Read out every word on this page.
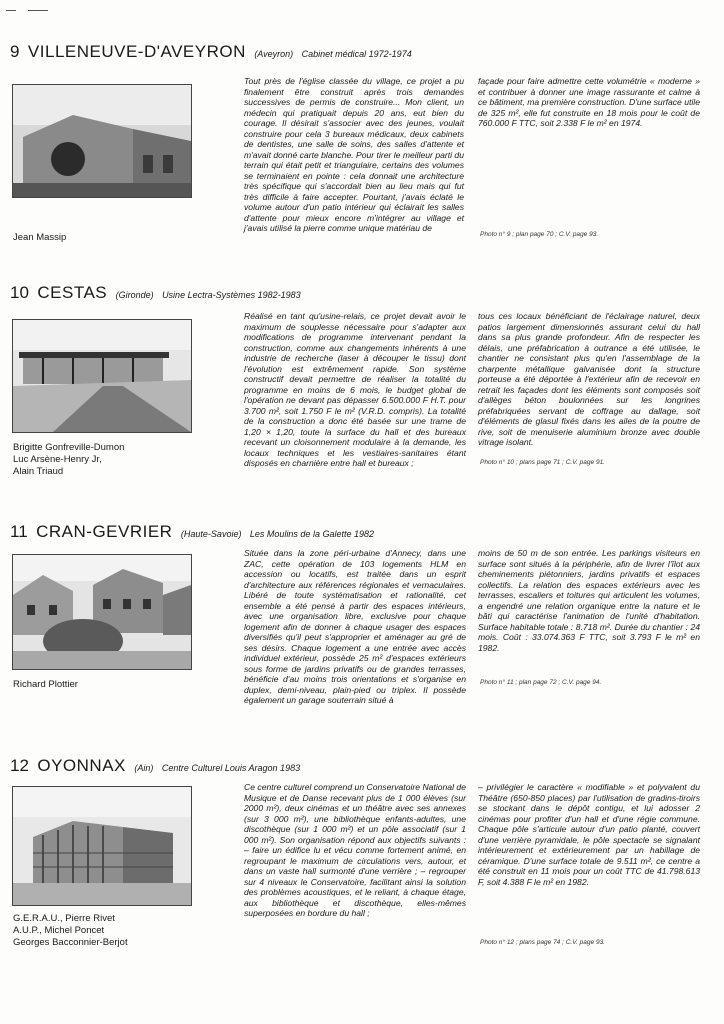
9 VILLENEUVE-D'AVEYRON (Aveyron) Cabinet médical 1972-1974
Jean Massip
Tout près de l'église classée du village, ce projet a pu finalement être construit après trois demandes successives de permis de construire... Mon client, un médecin qui pratiquait depuis 20 ans, eut bien du courage. Il désirait s'associer avec des jeunes, voulait construire pour cela 3 bureaux médicaux, deux cabinets de dentistes, une salle de soins, des salles d'attente et m'avait donné carte blanche. Pour tirer le meilleur parti du terrain qui était petit et triangulaire, certains des volumes se terminaient en pointe : cela donnait une architecture très spécifique qui s'accordait bien au lieu mais qui fut très difficile à faire accepter. Pourtant, j'avais éclaté le volume autour d'un patio intérieur qui éclairait les salles d'attente pour mieux encore m'intégrer au village et j'avais utilisé la pierre comme unique matériau de
façade pour faire admettre cette volumétrie « moderne » et contribuer à donner une image rassurante et calme à ce bâtiment, ma première construction. D'une surface utile de 325 m², elle fut construite en 18 mois pour le coût de 760.000 F TTC, soit 2.338 F le m² en 1974.
Photo n° 9 ; plan page 70 ; C.V. page 93.
10 CESTAS (Gironde) Usine Lectra-Systèmes 1982-1983
Brigitte Gonfreville-Dumon
Luc Arsène-Henry Jr,
Alain Triaud
Réalisé en tant qu'usine-relais, ce projet devait avoir le maximum de souplesse nécessaire pour s'adapter aux modifications de programme intervenant pendant la construction, comme aux changements inhérents à une industrie de recherche (laser à découper le tissu) dont l'évolution est extrêmement rapide. Son système constructif devait permettre de réaliser la totalité du programme en moins de 6 mois, le budget global de l'opération ne devant pas dépasser 6.500.000 F H.T. pour 3.700 m², soit 1.750 F le m² (V.R.D. compris). La totalité de la construction a donc été basée sur une trame de 1,20 × 1,20, toute la surface du hall et des bureaux recevant un cloisonnement modulaire à la demande, les locaux techniques et les vestiaires-sanitaires étant disposés en charnière entre hall et bureaux ;
tous ces locaux bénéficiant de l'éclairage naturel, deux patios largement dimensionnés assurant celui du hall dans sa plus grande profondeur. Afin de respecter les délais, une préfabrication à outrance a été utilisée, le chantier ne consistant plus qu'en l'assemblage de la charpente métallique galvanisée dont la structure porteuse a été déportée à l'extérieur afin de recevoir en retrait les façades dont les éléments sont composés soit d'allèges béton boulonnées sur les longrines préfabriquées servant de coffrage au dallage, soit d'éléments de glasul fixés dans les ailes de la poutre de rive, soit de menuiserie aluminium bronze avec double vitrage isolant.
Photo n° 10 ; plans page 71 ; C.V. page 91.
11 CRAN-GEVRIER (Haute-Savoie) Les Moulins de la Galette 1982
Richard Plottier
Située dans la zone péri-urbaine d'Annecy, dans une ZAC, cette opération de 103 logements HLM en accession ou locatifs, est traitée dans un esprit d'architecture aux références régionales et vernaculaires. Libéré de toute systématisation et rationalité, cet ensemble a été pensé à partir des espaces intérieurs, avec une organisation libre, exclusive pour chaque logement afin de donner à chaque usager des espaces diversifiés qu'il peut s'approprier et aménager au gré de ses désirs. Chaque logement a une entrée avec accès individuel extérieur, possède 25 m² d'espaces extérieurs sous forme de jardins privatifs ou de grandes terrasses, bénéficie d'au moins trois orientations et s'organise en duplex, demi-niveau, plain-pied ou triplex. Il possède également un garage souterrain situé à
moins de 50 m de son entrée. Les parkings visiteurs en surface sont situés à la périphérie, afin de livrer l'îlot aux cheminements piétonniers, jardins privatifs et espaces collectifs. La relation des espaces extérieurs avec les terrasses, escaliers et toitures qui articulent les volumes, a engendré une relation organique entre la nature et le bâti qui caractérise l'animation de l'unité d'habitation. Surface habitable totale : 8.718 m². Durée du chantier : 24 mois. Coût : 33.074.363 F TTC, soit 3.793 F le m² en 1982.
Photo n° 11 ; plan page 72 ; C.V. page 94.
12 OYONNAX (Ain) Centre Culturel Louis Aragon 1983
G.E.R.A.U., Pierre Rivet
A.U.P., Michel Poncet
Georges Bacconnier-Berjot
Ce centre culturel comprend un Conservatoire National de Musique et de Danse recevant plus de 1 000 élèves (sur 2000 m²), deux cinémas et un théâtre avec ses annexes (sur 3 000 m²), une bibliothèque enfants-adultes, une discothèque (sur 1 000 m²) et un pôle associatif (sur 1 000 m²). Son organisation répond aux objectifs suivants : – faire un édifice lu et vécu comme fortement animé, en regroupant le maximum de circulations vers, autour, et dans un vaste hall surmonté d'une verrière ; – regrouper sur 4 niveaux le Conservatoire, facilitant ainsi la solution des problèmes acoustiques, et le reliant, à chaque étage, aux bibliothèque et discothèque, elles-mêmes superposées en bordure du hall ;
– privilégier le caractère « modifiable » et polyvalent du Théâtre (650-850 places) par l'utilisation de gradins-tiroirs se stockant dans le dépôt contigu, et lui adosser 2 cinémas pour profiter d'un hall et d'une régie commune. Chaque pôle s'articule autour d'un patio planté, couvert d'une verrière pyramidale, le pôle spectacle se signalant intérieurement et extérieurement par un habillage de céramique. D'une surface totale de 9.511 m², ce centre a été construit en 11 mois pour un coût TTC de 41.798.613 F, soit 4.388 F le m² en 1982.
Photo n° 12 ; plans page 74 ; C.V. page 93.
